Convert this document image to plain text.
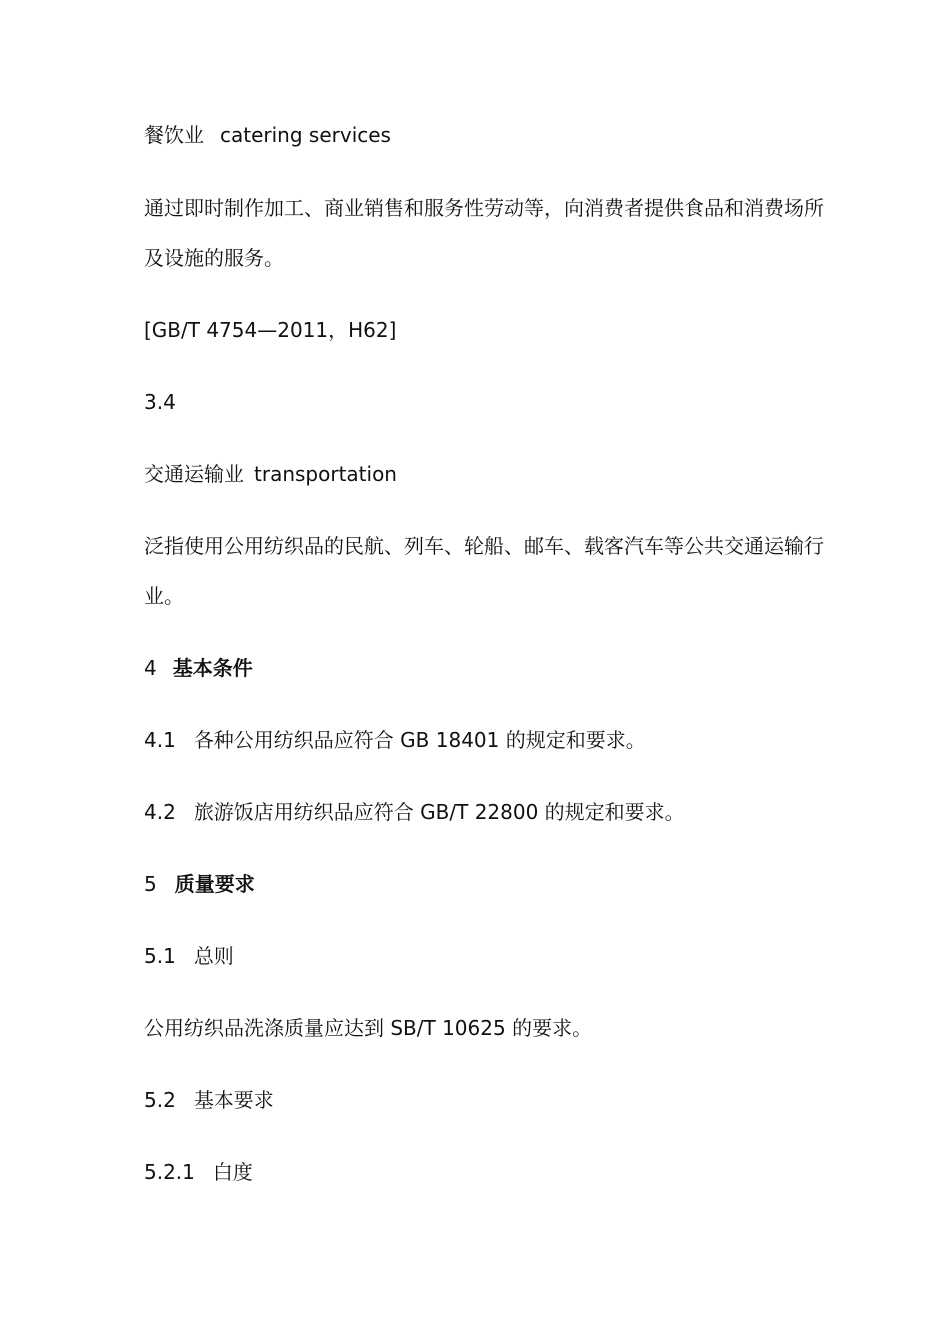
餐饮业 catering services
通过即时制作加工、商业销售和服务性劳动等，向消费者提供食品和消费场所
及设施的服务。
[GB/T 4754—2011，H62]
3.4
交通运输业 transportation
泛指使用公用纺织品的民航、列车、轮船、邮车、载客汽车等公共交通运输行
业。
4 基本条件
4.1 各种公用纺织品应符合 GB 18401 的规定和要求。
4.2 旅游饭店用纺织品应符合 GB/T 22800 的规定和要求。
5 质量要求
5.1 总则
公用纺织品洗涤质量应达到 SB/T 10625 的要求。
5.2 基本要求
5.2.1 白度
